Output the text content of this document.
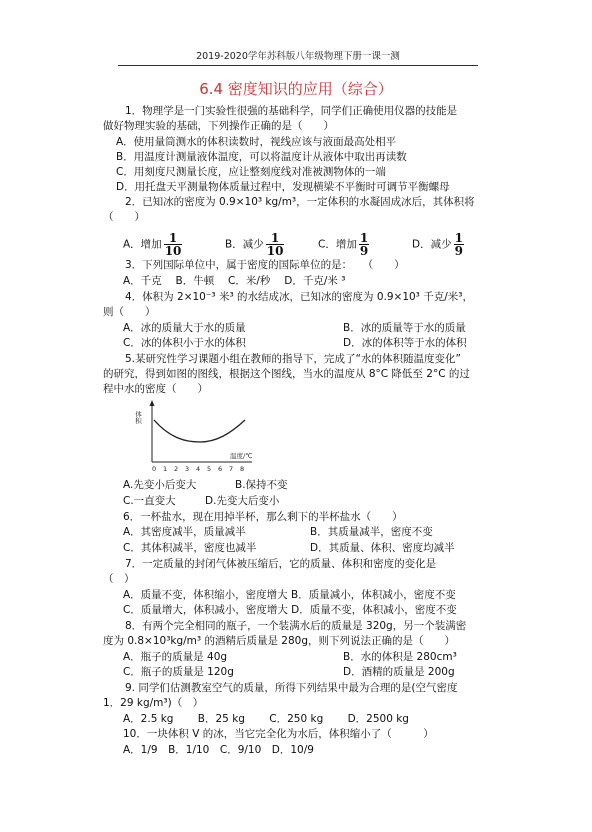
2019-2020学年苏科版八年级物理下册一课一测
6.4 密度知识的应用（综合）
1．物理学是一门实验性很强的基础科学，同学们正确使用仪器的技能是
做好物理实验的基础，下列操作正确的是（　　）
A．使用量筒测水的体积读数时，视线应该与液面最高处相平
B．用温度计测量液体温度，可以将温度计从液体中取出再读数
C．用刻度尺测量长度，应让整刻度线对准被测物体的一端
D．用托盘天平测量物体质量过程中，发现横梁不平衡时可调节平衡螺母
2．已知冰的密度为 0.9×10³ kg/m³，一定体积的水凝固成冰后，其体积将
（　　）
A．增加 $\frac{1}{10}$	B．减少 $\frac{1}{10}$	C．增加 $\frac{1}{9}$	D．减少 $\frac{1}{9}$
3．下列国际单位中，属于密度的国际单位的是：　　（　　）
A．千克　 B．牛顿　 C．米/秒　 D．千克/米 ³
4．体积为 2×10⁻³ 米³ 的水结成冰，已知冰的密度为 0.9×10³ 千克/米³，
则（　　）
A．冰的质量大于水的质量	B．冰的质量等于水的质量
C．冰的体积小于水的体积	D．冰的体积等于水的体积
5.某研究性学习课题小组在教师的指导下，完成了“水的体积随温度变化”
的研究，得到如图的图线，根据这个图线，当水的温度从 8°C 降低至 2°C 的过
程中水的密度（　　）
体积
0 1 2 3 4 5 6 7 8
温度/℃
A.先变小后变大	B.保持不变
C.一直变大	D.先变大后变小
6．一杯盐水，现在用掉半杯，那么剩下的半杯盐水（　　）
A．其密度减半，质量减半	B．其质量减半，密度不变
C．其体积减半，密度也减半	D．其质量、体积、密度均减半
7．一定质量的封闭气体被压缩后，它的质量、体积和密度的变化是
（　）
A．质量不变，体积缩小，密度增大 B．质量减小，体积减小，密度不变
C．质量增大，体积减小，密度增大 D．质量不变，体积减小，密度不变
8．有两个完全相同的瓶子，一个装满水后的质量是 320g，另一个装满密
度为 0.8×10³kg/m³ 的酒精后质量是 280g，则下列说法正确的是（　　）
A．瓶子的质量是 40g	B．水的体积是 280cm³
C．瓶子的质量是 120g	D．酒精的质量是 200g
9. 同学们估测教室空气的质量，所得下列结果中最为合理的是(空气密度
1．29 kg/m³)（　）
A．2.5 kg　　 B．25 kg　　 C．250 kg　　 D．2500 kg
10．一块体积 V 的冰，当它完全化为水后，体积缩小了（　　　）
A．1/9　B．1/10　C．9/10　D．10/9
